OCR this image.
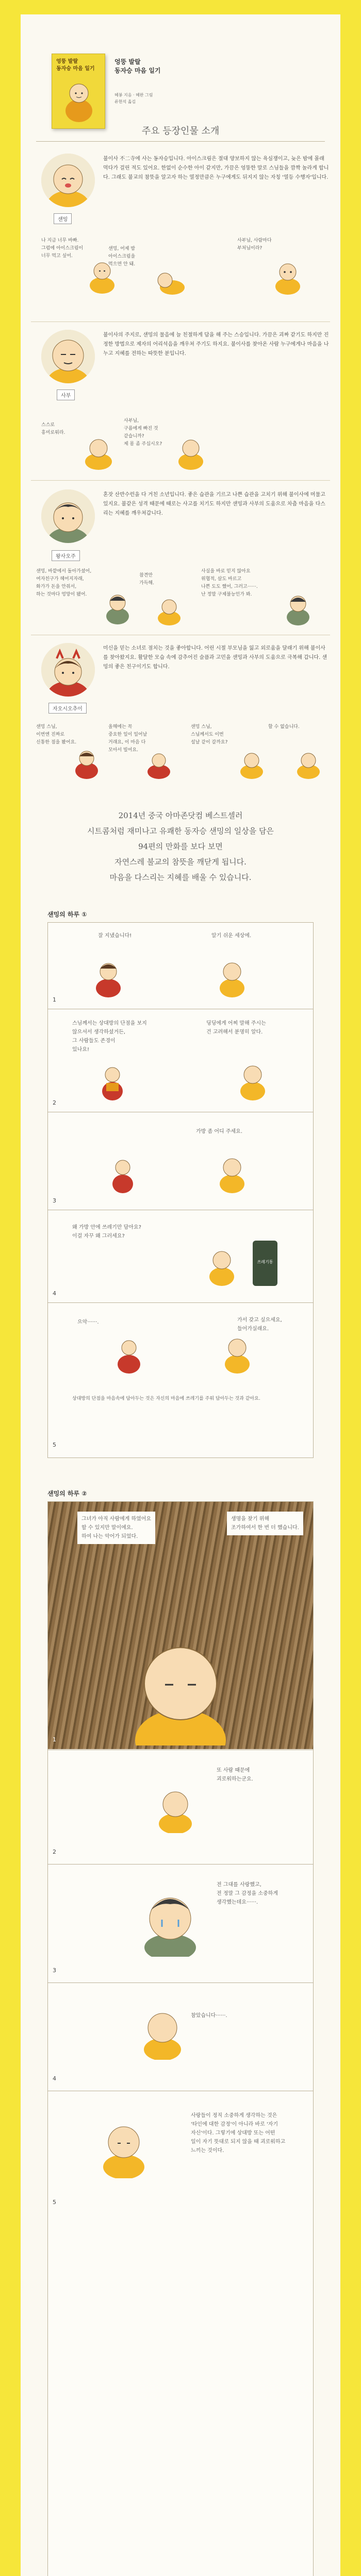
엉뚱 발랄
동자승 마음 일기
엉뚱 발랄
동자승 마음 일기
혜봉 지음 · 혜완 그림
류현석 옮김
주요 등장인물 소개
샌밍
불이사 不二寺에 사는 동자승입니다. 아이스크림은 절대 양보하지 않는 욕심쟁이고, 늦은 밤에 몰래 먹다가 걸린 적도 있어요. 한없이 순수한 아이 같지만, 가끔은 엉뚱한 말로 스님들을 깜짝 놀라게 합니다. 그래도 불교의 참뜻을 알고자 하는 열정만큼은 누구에게도 뒤지지 않는 자칭 '열등 수행자'입니다.
나 지금 너무 바빠.
그럼에 아이스크림이
너무 먹고 싶어.
샌밍, 어제 밤
아이스크림을
먹으면 안 돼.
사부님, 사람마다
부처님이라?
사부
불이사의 주지로, 샌밍의 물음에 늘 친절하게 답을 해 주는 스승입니다. 가끔은 괴짜 같기도 하지만 진정한 방법으로 제자의 어리석음을 깨우쳐 주기도 하지요. 불이사를 찾아온 사람 누구에게나 마음을 나누고 지혜를 전하는 따뜻한 분입니다.
스스로
흥미로워라.
사부님,
구름에게 빠진 것
같습니까?
제 몸 좀 주십시오?
왕사오주
혼잣 산반수런을 다 거친 소년입니다. 좋은 습관을 기르고 나쁜 습관을 고치기 위해 불이사에 머물고 있지요. 불같은 성격 때문에 때로는 사고를 치기도 하지만 샌밍과 사부의 도움으로 차츰 마음을 다스리는 지혜를 깨우쳐갑니다.
샌밍, 바깥에서 돌아가셨어,
여자친구가 헤어지자래,
화가가 돈을 안줘서,
하는 것마다 엉망이 됐어.
참견만
가득해.
사실을 바로 믿지 않아요
위협적, 살도 바르고
나쁜 도도 했어, 그러고······.
난 정말 구제불능인가 봐.
자오시오추이
미신을 믿는 소녀로 점치는 것을 좋아합니다. 어린 시절 부모님을 잃고 외로움을 달래기 위해 불이사를 찾아왔지요. 활달한 모습 속에 감추어진 슬픔과 고민을 샌밍과 사부의 도움으로 극복해 갑니다. 샌밍의 좋은 친구이기도 합니다.
샌밍 스님,
이번엔 진짜로
신통한 점을 봤어요.
올해에는 꼭
중요한 일이 일어날
거래요, 이 마음 다
모아서 빌어요.
샌밍 스님,
스님께서도 이번
설날 같이 갈까요?
할 수 없습니다.
2014년 중국 아마존닷컴 베스트셀러
시트콤처럼 재미나고 유쾌한 동자승 샌밍의 일상을 담은
94편의 만화를 보다 보면
자연스레 불교의 참뜻을 깨닫게 됩니다.
마음을 다스리는 지혜를 배울 수 있습니다.
샌밍의 하루 ①
잘 지냈습니다!	알기 쉬운 세상에.
1
스님께서는 상대방의 단점을 보지
않으셔서 생각하셨거든,
그 사람들도 존경이
있나요!
딩딩에게 어찌 말해 주시는
건 고려해서 분명히 알다.
2
가방 좀 어디 주세요.
3
왜 가방 안에 쓰레기만 담아요?
이걸 자꾸 왜 그러세요?
쓰레기통
4
으악······.	가서 갖고 싶으세요,
들어가실래요.
상대방의 단점을 마음속에 담아두는 것은 자신의 마음에 쓰레기를 주워 담아두는 것과 같아요.
5
샌밍의 하루 ②
그녀가 아직 사람에게 하였어요
할 수 있지만 말이에요.
하여 나는 악어가 되었다.
생명을 찾기 위해
조가하여서 한 번 더 했습니다.
1
또 사람 때문에
괴로워하는군요.
2
전 그대를 사랑했고,
전 정말 그 감정을 소중하게
생각했는데요······.
3
참았습니다······.
4
사랑들이 정직 소중하게 생각하는 것은
'타인에 대한 감정'이 아니라 바로 '자기
자신'이다. 그렇기에 상대방 또는 어떤
일이 자기 뜻대로 되지 않을 때 괴로워하고
느끼는 것이다.
5
